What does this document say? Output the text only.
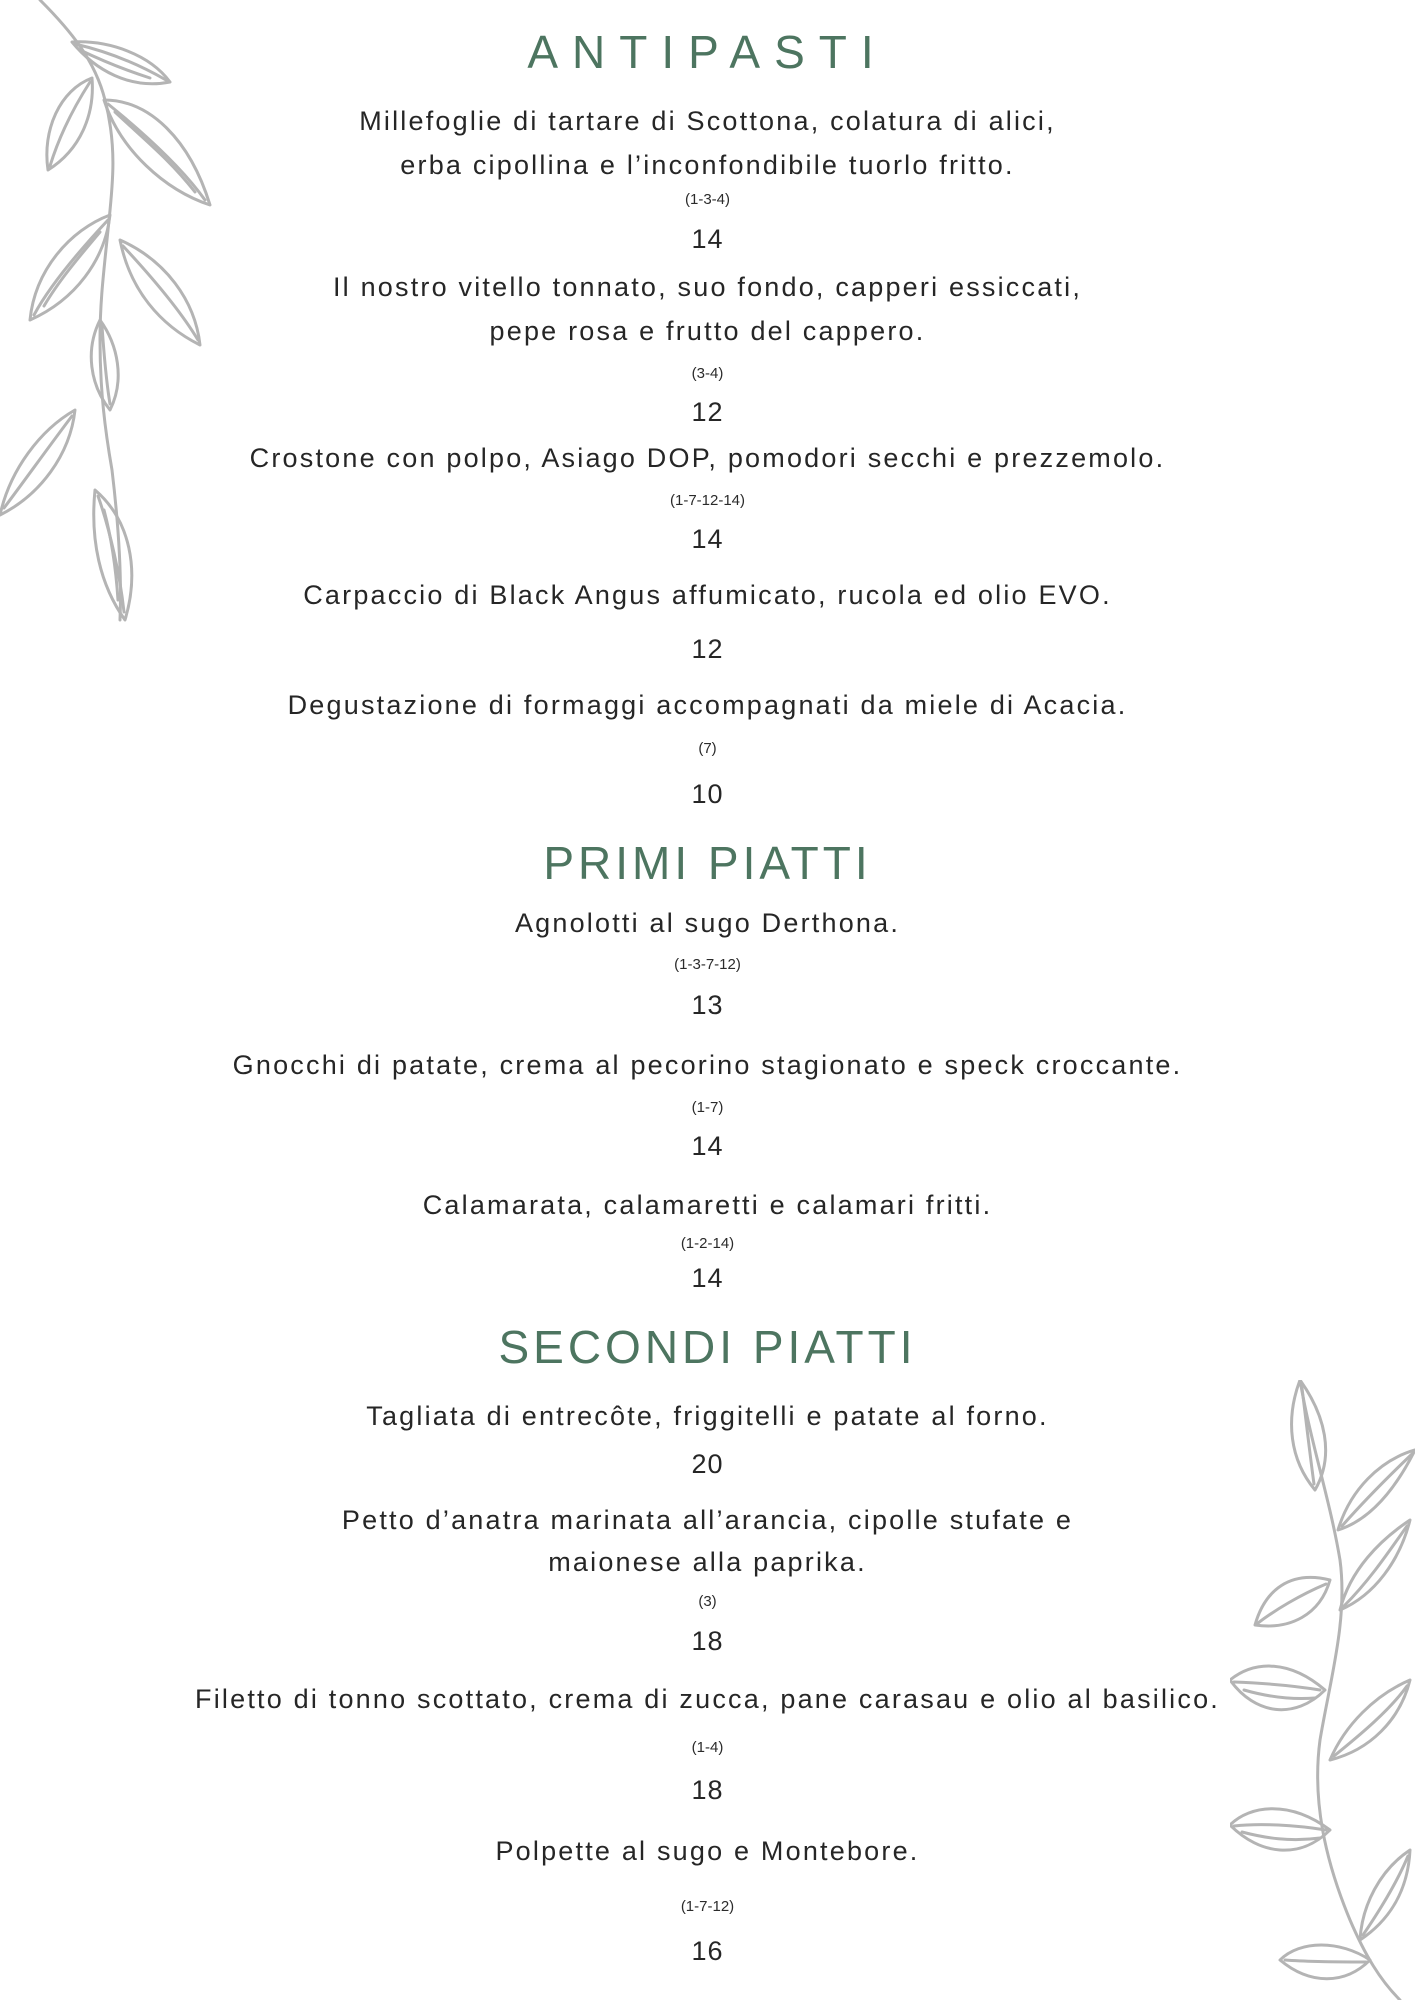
ANTIPASTI
Millefoglie di tartare di Scottona, colatura di alici,
erba cipollina e l’inconfondibile tuorlo fritto.
(1-3-4)
14
Il nostro vitello tonnato, suo fondo, capperi essiccati,
pepe rosa e frutto del cappero.
(3-4)
12
Crostone con polpo, Asiago DOP, pomodori secchi e prezzemolo.
(1-7-12-14)
14
Carpaccio di Black Angus affumicato, rucola ed olio EVO.
12
Degustazione di formaggi accompagnati da miele di Acacia.
(7)
10
PRIMI PIATTI
Agnolotti al sugo Derthona.
(1-3-7-12)
13
Gnocchi di patate, crema al pecorino stagionato e speck croccante.
(1-7)
14
Calamarata, calamaretti e calamari fritti.
(1-2-14)
14
SECONDI PIATTI
Tagliata di entrecôte, friggitelli e patate al forno.
20
Petto d’anatra marinata all’arancia, cipolle stufate e
maionese alla paprika.
(3)
18
Filetto di tonno scottato, crema di zucca, pane carasau e olio al basilico.
(1-4)
18
Polpette al sugo e Montebore.
(1-7-12)
16
